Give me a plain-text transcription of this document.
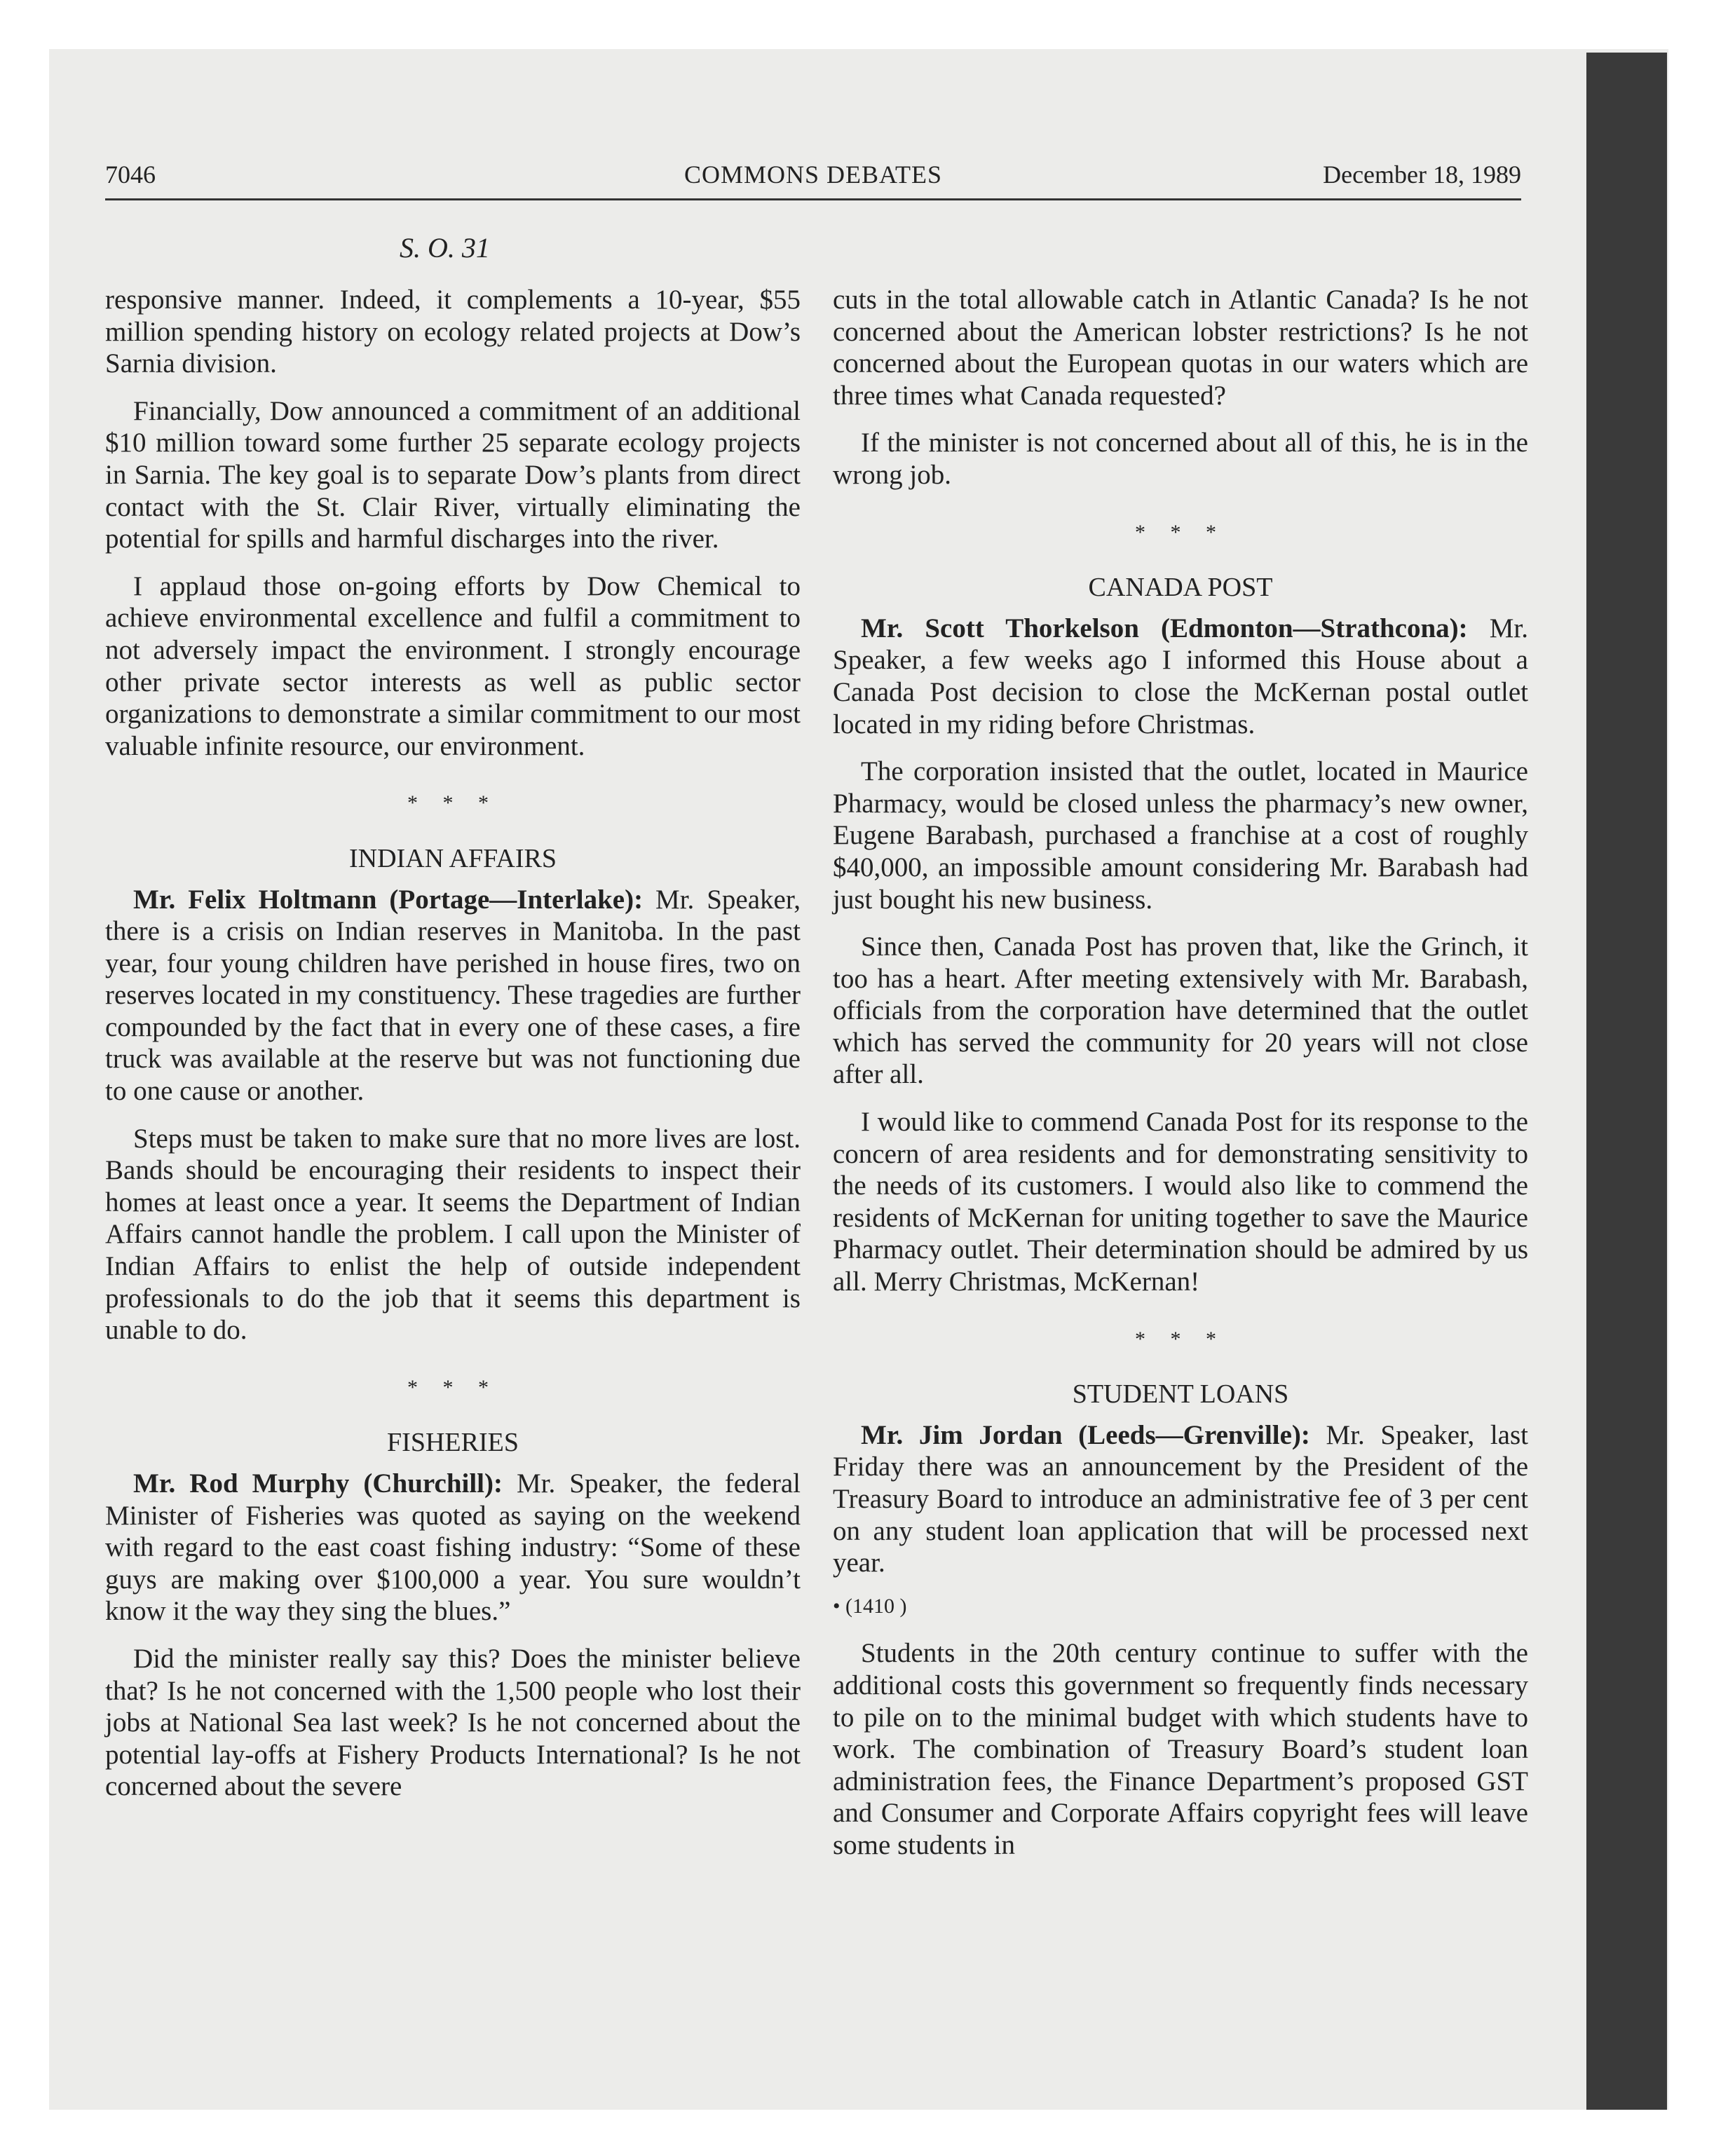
7046	COMMONS DEBATES	December 18, 1989
S. O. 31

responsive manner. Indeed, it complements a 10-year, $55 million spending history on ecology related projects at Dow’s Sarnia division.

Financially, Dow announced a commitment of an additional $10 million toward some further 25 separate ecology projects in Sarnia. The key goal is to separate Dow’s plants from direct contact with the St. Clair River, virtually eliminating the potential for spills and harmful discharges into the river.

I applaud those on-going efforts by Dow Chemical to achieve environmental excellence and fulfil a commitment to not adversely impact the environment. I strongly encourage other private sector interests as well as public sector organizations to demonstrate a similar commitment to our most valuable infinite resource, our environment.

* * *
INDIAN AFFAIRS

Mr. Felix Holtmann (Portage—Interlake): Mr. Speaker, there is a crisis on Indian reserves in Manitoba. In the past year, four young children have perished in house fires, two on reserves located in my constituency. These tragedies are further compounded by the fact that in every one of these cases, a fire truck was available at the reserve but was not functioning due to one cause or another.

Steps must be taken to make sure that no more lives are lost. Bands should be encouraging their residents to inspect their homes at least once a year. It seems the Department of Indian Affairs cannot handle the problem. I call upon the Minister of Indian Affairs to enlist the help of outside independent professionals to do the job that it seems this department is unable to do.

* * *
FISHERIES

Mr. Rod Murphy (Churchill): Mr. Speaker, the federal Minister of Fisheries was quoted as saying on the weekend with regard to the east coast fishing industry: “Some of these guys are making over $100,000 a year. You sure wouldn’t know it the way they sing the blues.”

Did the minister really say this? Does the minister believe that? Is he not concerned with the 1,500 people who lost their jobs at National Sea last week? Is he not concerned about the potential lay-offs at Fishery Products International? Is he not concerned about the severe

cuts in the total allowable catch in Atlantic Canada? Is he not concerned about the American lobster restrictions? Is he not concerned about the European quotas in our waters which are three times what Canada requested?

If the minister is not concerned about all of this, he is in the wrong job.

* * *
CANADA POST

Mr. Scott Thorkelson (Edmonton—Strathcona): Mr. Speaker, a few weeks ago I informed this House about a Canada Post decision to close the McKernan postal outlet located in my riding before Christmas.

The corporation insisted that the outlet, located in Maurice Pharmacy, would be closed unless the pharmacy’s new owner, Eugene Barabash, purchased a franchise at a cost of roughly $40,000, an impossible amount considering Mr. Barabash had just bought his new business.

Since then, Canada Post has proven that, like the Grinch, it too has a heart. After meeting extensively with Mr. Barabash, officials from the corporation have determined that the outlet which has served the community for 20 years will not close after all.

I would like to commend Canada Post for its response to the concern of area residents and for demonstrating sensitivity to the needs of its customers. I would also like to commend the residents of McKernan for uniting together to save the Maurice Pharmacy outlet. Their determination should be admired by us all. Merry Christmas, McKernan!

* * *
STUDENT LOANS

Mr. Jim Jordan (Leeds—Grenville): Mr. Speaker, last Friday there was an announcement by the President of the Treasury Board to introduce an administrative fee of 3 per cent on any student loan application that will be processed next year.

• (1410 )

Students in the 20th century continue to suffer with the additional costs this government so frequently finds necessary to pile on to the minimal budget with which students have to work. The combination of Treasury Board’s student loan administration fees, the Finance Department’s proposed GST and Consumer and Corporate Affairs copyright fees will leave some students in
